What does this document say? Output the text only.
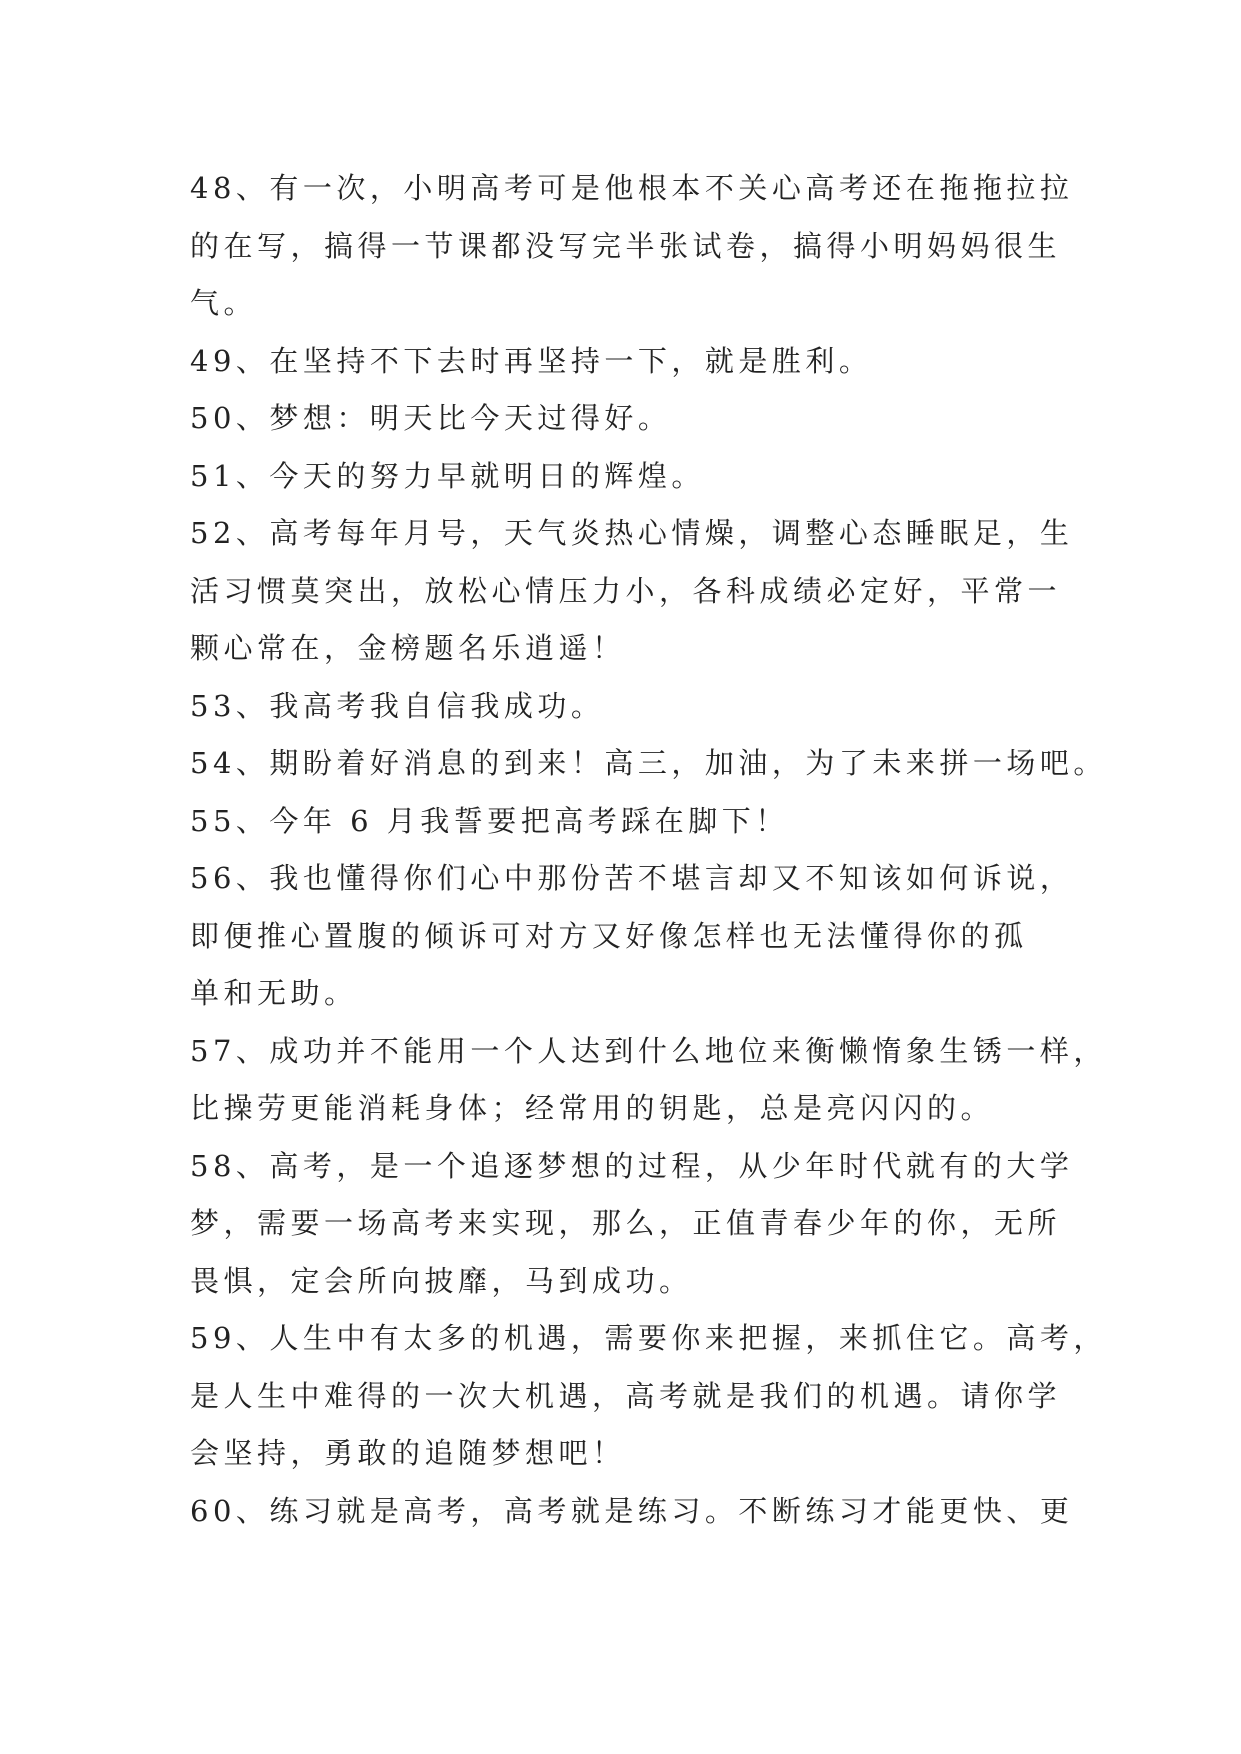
48、有一次，小明高考可是他根本不关心高考还在拖拖拉拉
的在写，搞得一节课都没写完半张试卷，搞得小明妈妈很生
气。
49、在坚持不下去时再坚持一下，就是胜利。
50、梦想：明天比今天过得好。
51、今天的努力早就明日的辉煌。
52、高考每年月号，天气炎热心情燥，调整心态睡眠足，生
活习惯莫突出，放松心情压力小，各科成绩必定好，平常一
颗心常在，金榜题名乐逍遥！
53、我高考我自信我成功。
54、期盼着好消息的到来！高三，加油，为了未来拼一场吧。
55、今年 6 月我誓要把高考踩在脚下！
56、我也懂得你们心中那份苦不堪言却又不知该如何诉说，
即便推心置腹的倾诉可对方又好像怎样也无法懂得你的孤
单和无助。
57、成功并不能用一个人达到什么地位来衡懒惰象生锈一样，
比操劳更能消耗身体；经常用的钥匙，总是亮闪闪的。
58、高考，是一个追逐梦想的过程，从少年时代就有的大学
梦，需要一场高考来实现，那么，正值青春少年的你，无所
畏惧，定会所向披靡，马到成功。
59、人生中有太多的机遇，需要你来把握，来抓住它。高考，
是人生中难得的一次大机遇，高考就是我们的机遇。请你学
会坚持，勇敢的追随梦想吧！
60、练习就是高考，高考就是练习。不断练习才能更快、更
